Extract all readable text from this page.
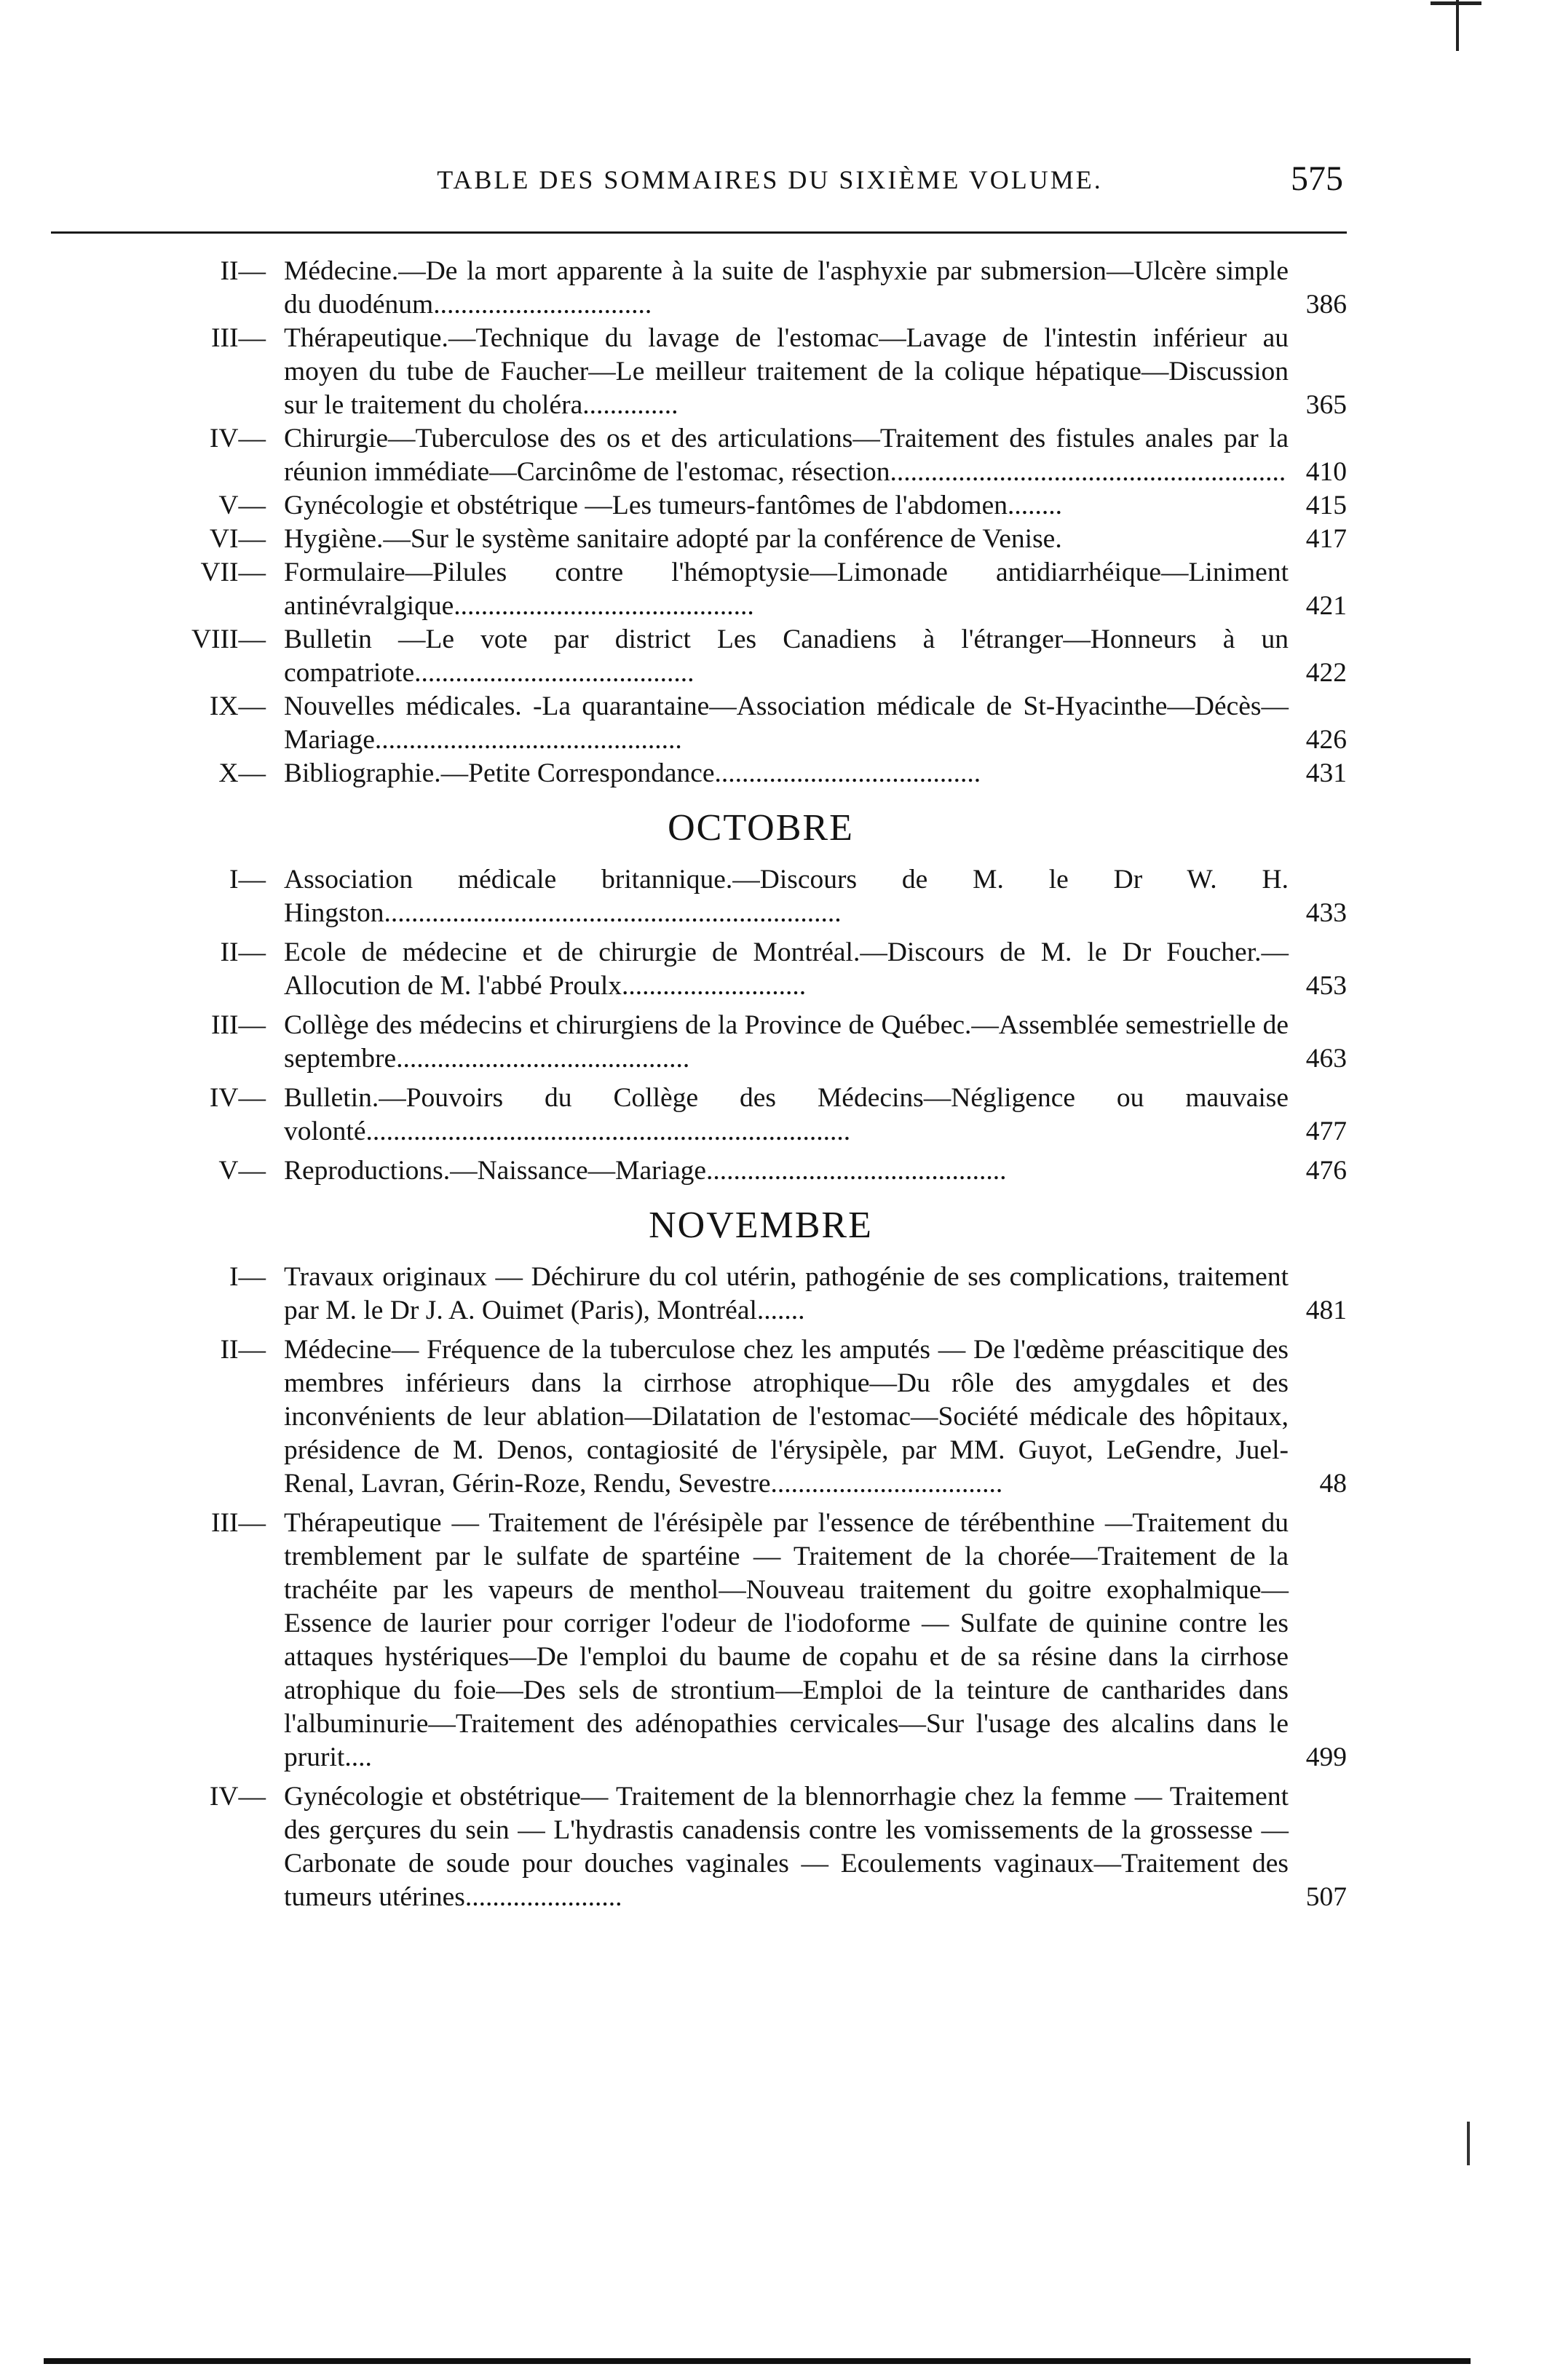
TABLE DES SOMMAIRES DU SIXIÈME VOLUME.	575

II— Médecine.—De la mort apparente à la suite de l'asphyxie par submersion—Ulcère simple du duodénum................................	386

III— Thérapeutique.—Technique du lavage de l'estomac—Lavage de l'intestin inférieur au moyen du tube de Faucher—Le meilleur traitement de la colique hépatique—Discussion sur le traitement du choléra..............	365

IV— Chirurgie—Tuberculose des os et des articulations—Traitement des fistules anales par la réunion immédiate—Carcinôme de l'estomac, résection.......................................................... 410

V— Gynécologie et obstétrique —Les tumeurs-fantômes de l'abdomen........	415

VI— Hygiène.—Sur le système sanitaire adopté par la conférence de Venise.	417

VII— Formulaire—Pilules contre l'hémoptysie—Limonade antidiarrhéique—Liniment antinévralgique............................................	421

VIII— Bulletin —Le vote par district Les Canadiens à l'étranger—Honneurs à un compatriote.........................................	422

IX— Nouvelles médicales. -La quarantaine—Association médicale de St-Hyacinthe—Décès—Mariage.............................................	426

X— Bibliographie.—Petite Correspondance.......................................	431

OCTOBRE

I— Association médicale britannique.—Discours de M. le Dr W. H. Hingston...................................................................	433

II— Ecole de médecine et de chirurgie de Montréal.—Discours de M. le Dr Foucher.—Allocution de M. l'abbé Proulx...........................	453

III— Collège des médecins et chirurgiens de la Province de Québec.—Assemblée semestrielle de septembre...........................................	463

IV— Bulletin.—Pouvoirs du Collège des Médecins—Négligence ou mauvaise volonté.......................................................................	477

V— Reproductions.—Naissance—Mariage............................................	476

NOVEMBRE

I— Travaux originaux — Déchirure du col utérin, pathogénie de ses complications, traitement par M. le Dr J. A. Ouimet (Paris), Montréal.......	481

II— Médecine— Fréquence de la tuberculose chez les amputés — De l'œdème préascitique des membres inférieurs dans la cirrhose atrophique—Du rôle des amygdales et des inconvénients de leur ablation—Dilatation de l'estomac—Société médicale des hôpitaux, présidence de M. Denos, contagiosité de l'érysipèle, par MM. Guyot, LeGendre, Juel-Renal, Lavran, Gérin-Roze, Rendu, Sevestre..................................	48

III— Thérapeutique — Traitement de l'érésipèle par l'essence de térébenthine —Traitement du tremblement par le sulfate de spartéine — Traitement de la chorée—Traitement de la trachéite par les vapeurs de menthol—Nouveau traitement du goitre exophalmique—Essence de laurier pour corriger l'odeur de l'iodoforme — Sulfate de quinine contre les attaques hystériques—De l'emploi du baume de copahu et de sa résine dans la cirrhose atrophique du foie—Des sels de strontium—Emploi de la teinture de cantharides dans l'albuminurie—Traitement des adénopathies cervicales—Sur l'usage des alcalins dans le prurit....	499

IV— Gynécologie et obstétrique— Traitement de la blennorrhagie chez la femme — Traitement des gerçures du sein — L'hydrastis canadensis contre les vomissements de la grossesse — Carbonate de soude pour douches vaginales — Ecoulements vaginaux—Traitement des tumeurs utérines.......................	507
